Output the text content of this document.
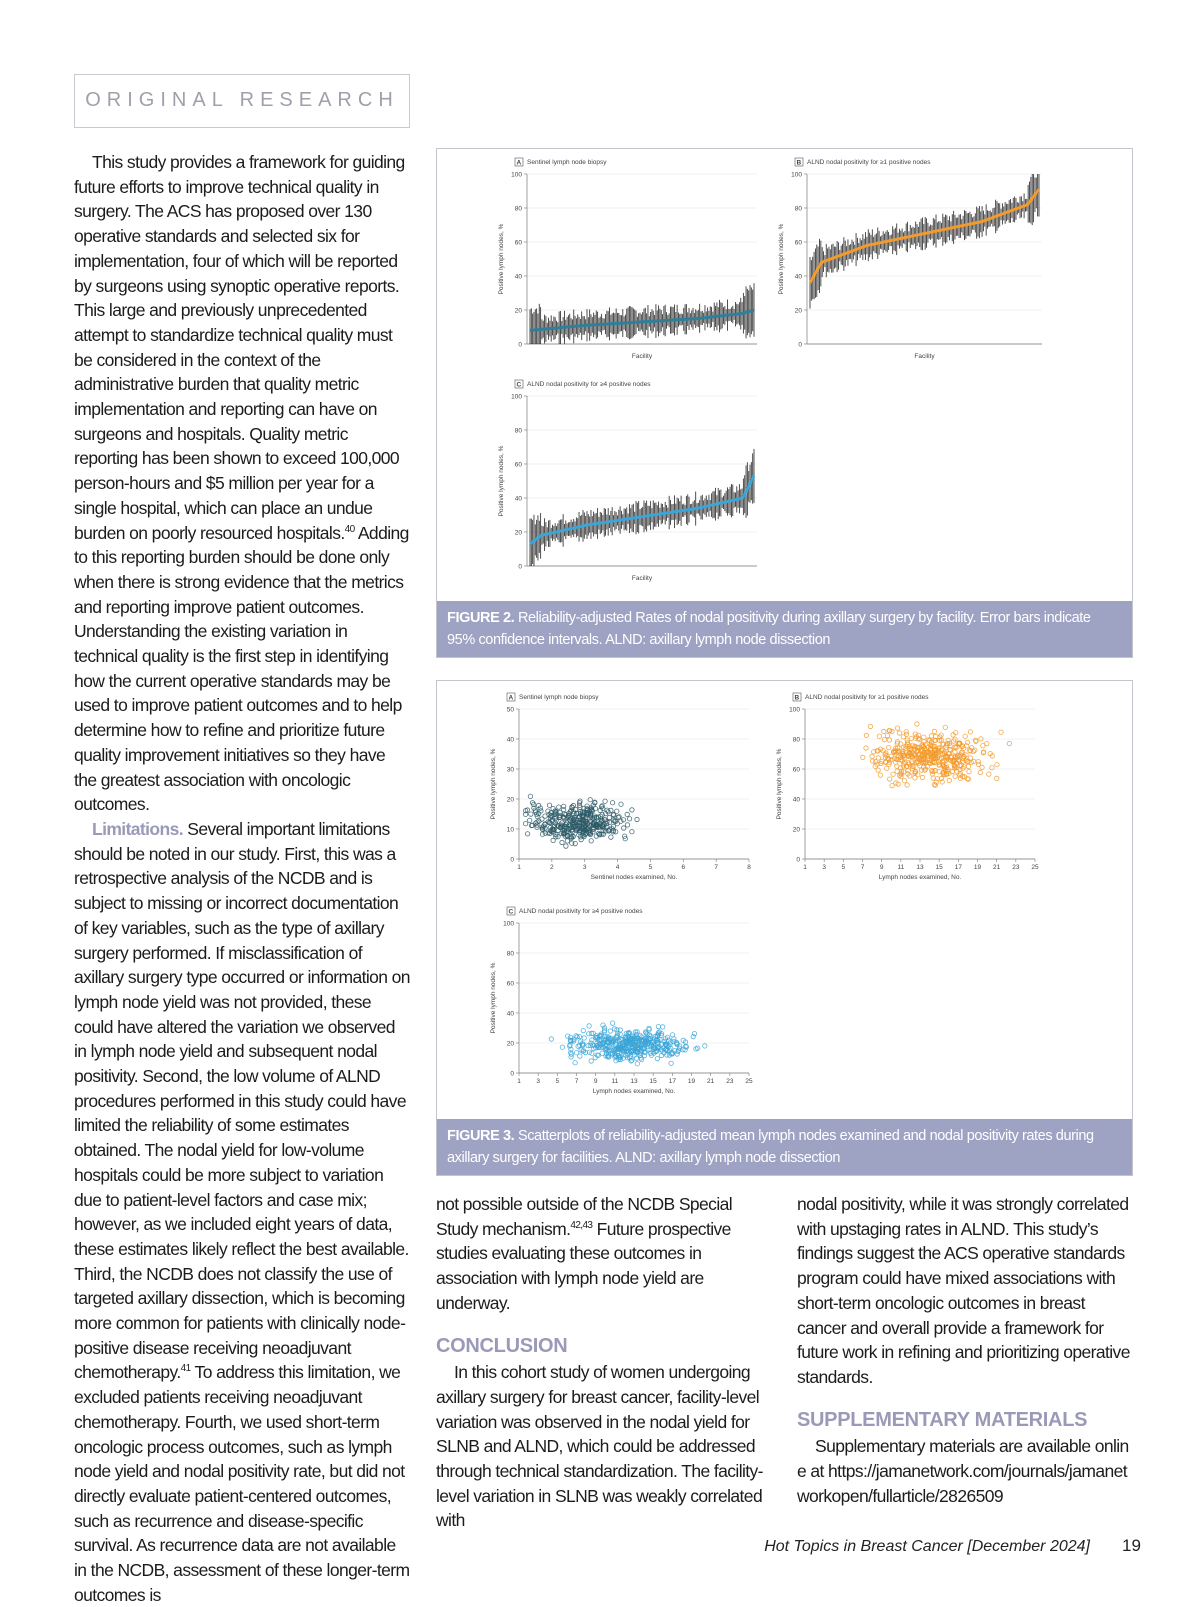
ORIGINAL RESEARCH

This study provides a framework for guiding future efforts to improve technical quality in surgery. The ACS has proposed over 130 operative standards and selected six for implementation, four of which will be reported by surgeons using synoptic operative reports. This large and previously unprecedented attempt to standardize technical quality must be considered in the context of the administrative burden that quality metric implementation and reporting can have on surgeons and hospitals. Quality metric reporting has been shown to exceed 100,000 person-hours and $5 million per year for a single hospital, which can place an undue burden on poorly resourced hospitals.$^{40}$ Adding to this reporting burden should be done only when there is strong evidence that the metrics and reporting improve patient outcomes. Understanding the existing variation in technical quality is the first step in identifying how the current operative standards may be used to improve patient outcomes and to help determine how to refine and prioritize future quality improvement initiatives so they have the greatest association with oncologic outcomes.

Limitations. Several important limitations should be noted in our study. First, this was a retrospective analysis of the NCDB and is subject to missing or incorrect documentation of key variables, such as the type of axillary surgery performed. If misclassification of axillary surgery type occurred or information on lymph node yield was not provided, these could have altered the variation we observed in lymph node yield and subsequent nodal positivity. Second, the low volume of ALND procedures performed in this study could have limited the reliability of some estimates obtained. The nodal yield for low-volume hospitals could be more subject to variation due to patient-level factors and case mix; however, as we included eight years of data, these estimates likely reflect the best available. Third, the NCDB does not classify the use of targeted axillary dissection, which is becoming more common for patients with clinically node-positive disease receiving neoadjuvant chemotherapy.$^{41}$ To address this limitation, we excluded patients receiving neoadjuvant chemotherapy. Fourth, we used short-term oncologic process outcomes, such as lymph node yield and nodal positivity rate, but did not directly evaluate patient-centered outcomes, such as recurrence and disease-specific survival. As recurrence data are not available in the NCDB, assessment of these longer-term outcomes is

A Sentinel lymph node biopsy
0
20
40
60
80
100
Facility
Positive lymph nodes, %
B ALND nodal positivity for ≥1 positive nodes
0
20
40
60
80
100
Facility
Positive lymph nodes, %
C ALND nodal positivity for ≥4 positive nodes
0
20
40
60
80
100
Facility
Positive lymph nodes, %
FIGURE 2. Reliability-adjusted Rates of nodal positivity during axillary surgery by facility. Error bars indicate 95% confidence intervals. ALND: axillary lymph node dissection
A Sentinel lymph node biopsy
0
10
20
30
40
50
1	2	3	4	5	6	7	8
Sentinel nodes examined, No.
Positive lymph nodes, %
B ALND nodal positivity for ≥1 positive nodes
0
20
40
60
80
100
1 3 5 7 9 11 13 15 17 19 21 23 25
Lymph nodes examined, No.
Positive lymph nodes, %
C ALND nodal positivity for ≥4 positive nodes
0
20
40
60
80
100
1 3 5 7 9 11 13 15 17 19 21 23 25
Lymph nodes examined, No.
Positive lymph nodes, %
FIGURE 3. Scatterplots of reliability-adjusted mean lymph nodes examined and nodal positivity rates during axillary surgery for facilities. ALND: axillary lymph node dissection

not possible outside of the NCDB Special Study mechanism.$^{42,43}$ Future prospective studies evaluating these outcomes in association with lymph node yield are underway.

CONCLUSION

In this cohort study of women undergoing axillary surgery for breast cancer, facility-level variation was observed in the nodal yield for SLNB and ALND, which could be addressed through technical standardization. The facility-level variation in SLNB was weakly correlated with

nodal positivity, while it was strongly correlated with upstaging rates in ALND. This study’s findings suggest the ACS operative standards program could have mixed associations with short-term oncologic outcomes in breast cancer and overall provide a framework for future work in refining and prioritizing operative standards.

SUPPLEMENTARY MATERIALS

Supplementary materials are available online at https://jamanetwork.com/journals/jamanetworkopen/fullarticle/2826509

Hot Topics in Breast Cancer [December 2024] 19
